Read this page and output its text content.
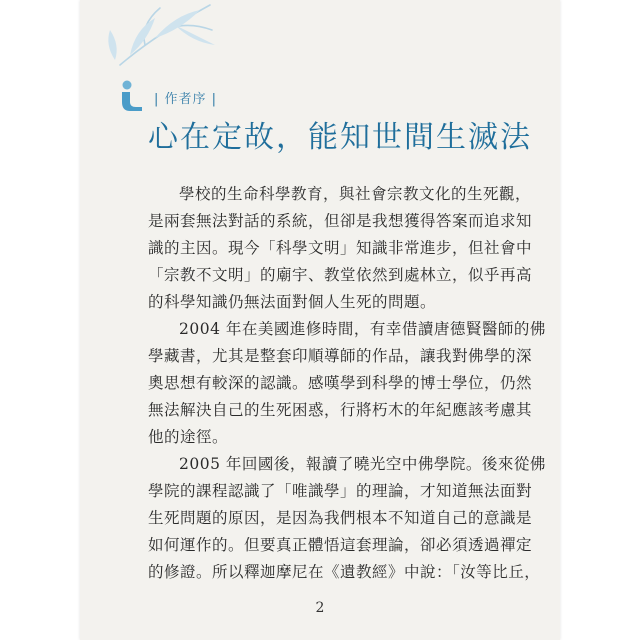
| 作者序 |
心在定故，能知世間生滅法
學校的生命科學教育，與社會宗教文化的生死觀，
是兩套無法對話的系統，但卻是我想獲得答案而追求知
識的主因。現今「科學文明」知識非常進步，但社會中
「宗教不文明」的廟宇、教堂依然到處林立，似乎再高
的科學知識仍無法面對個人生死的問題。
2004 年在美國進修時間，有幸借讀唐德賢醫師的佛
學藏書，尤其是整套印順導師的作品，讓我對佛學的深
奧思想有較深的認識。感嘆學到科學的博士學位，仍然
無法解決自己的生死困惑，行將朽木的年紀應該考慮其
他的途徑。
2005 年回國後，報讀了曉光空中佛學院。後來從佛
學院的課程認識了「唯識學」的理論，才知道無法面對
生死問題的原因，是因為我們根本不知道自己的意識是
如何運作的。但要真正體悟這套理論，卻必須透過禪定
的修證。所以釋迦摩尼在《遺教經》中說：「汝等比丘，
2
